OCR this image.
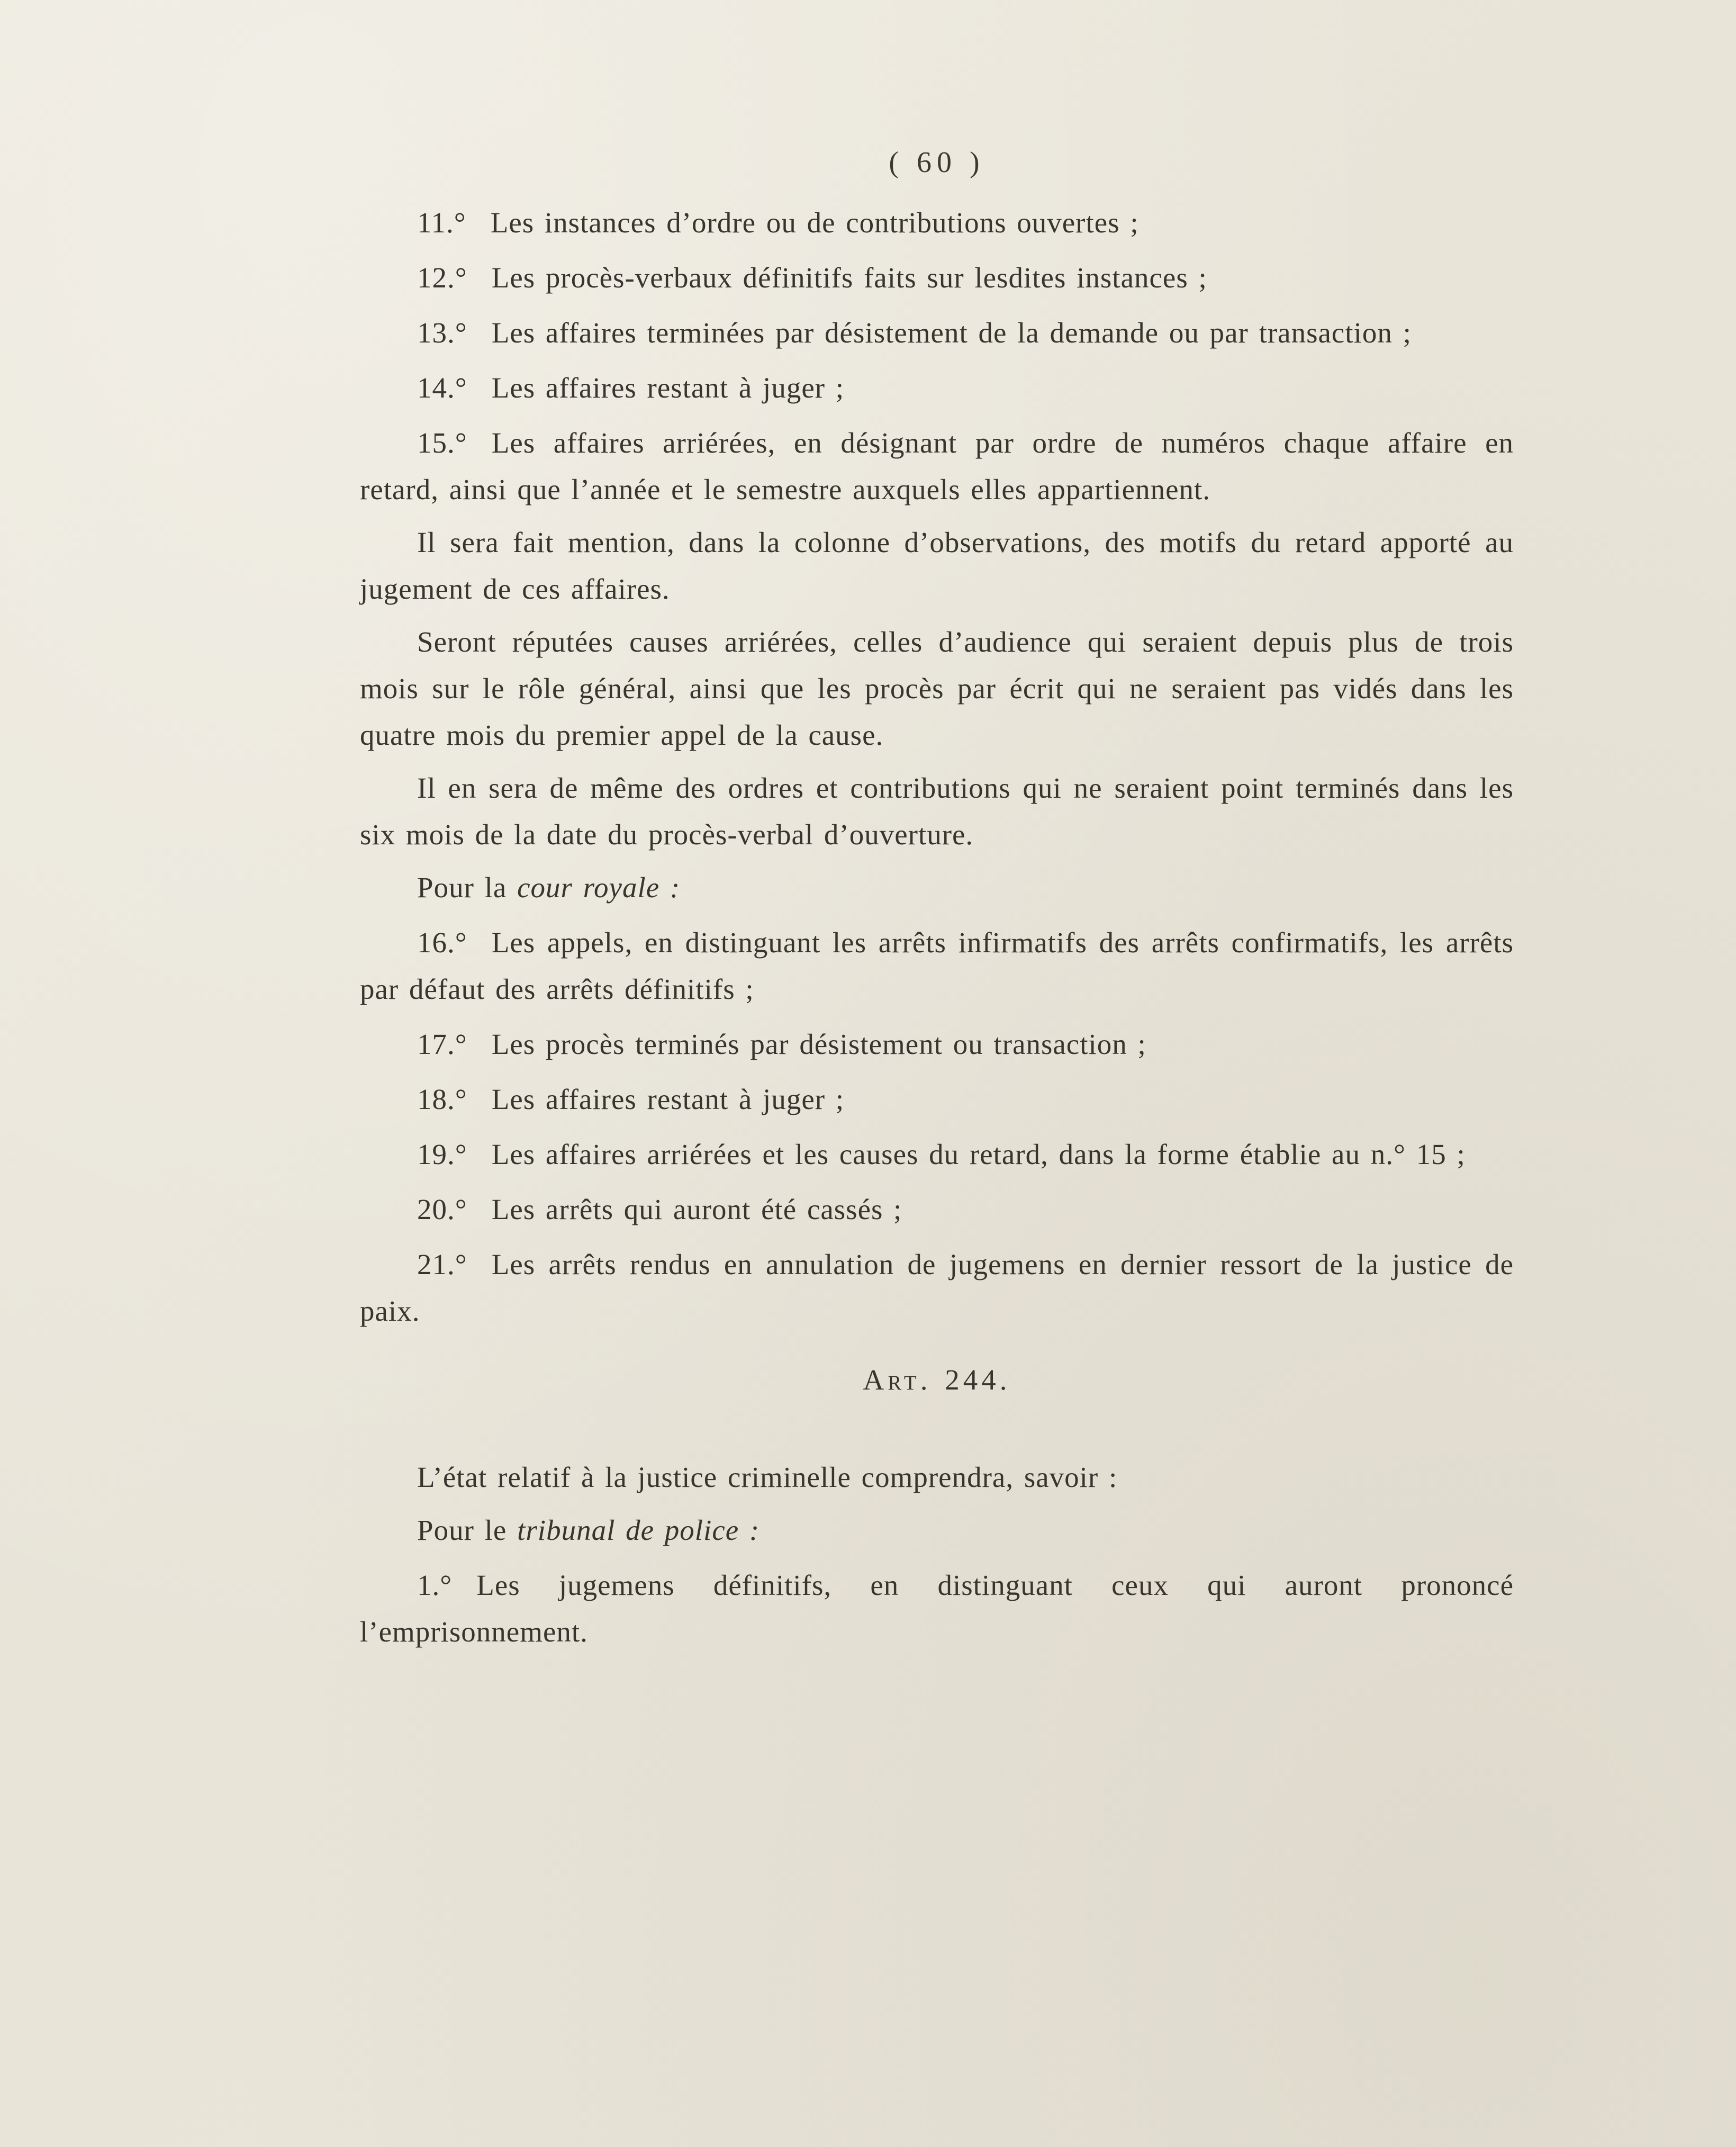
( 60 )

11.° Les instances d’ordre ou de contributions ouvertes ;

12.° Les procès-verbaux définitifs faits sur lesdites instances ;

13.° Les affaires terminées par désistement de la demande ou par transaction ;

14.° Les affaires restant à juger ;

15.° Les affaires arriérées, en désignant par ordre de numéros chaque affaire en retard, ainsi que l’année et le semestre auxquels elles appartiennent.

Il sera fait mention, dans la colonne d’observations, des motifs du retard apporté au jugement de ces affaires.

Seront réputées causes arriérées, celles d’audience qui seraient depuis plus de trois mois sur le rôle général, ainsi que les procès par écrit qui ne seraient pas vidés dans les quatre mois du premier appel de la cause.

Il en sera de même des ordres et contributions qui ne seraient point terminés dans les six mois de la date du procès-verbal d’ouverture.

Pour la cour royale :

16.° Les appels, en distinguant les arrêts infirmatifs des arrêts confirmatifs, les arrêts par défaut des arrêts définitifs ;

17.° Les procès terminés par désistement ou transaction ;

18.° Les affaires restant à juger ;

19.° Les affaires arriérées et les causes du retard, dans la forme établie au n.° 15 ;

20.° Les arrêts qui auront été cassés ;

21.° Les arrêts rendus en annulation de jugemens en dernier ressort de la justice de paix.

Art. 244.

L’état relatif à la justice criminelle comprendra, savoir :

Pour le tribunal de police :

1.° Les jugemens définitifs, en distinguant ceux qui auront prononcé l’emprisonnement.
